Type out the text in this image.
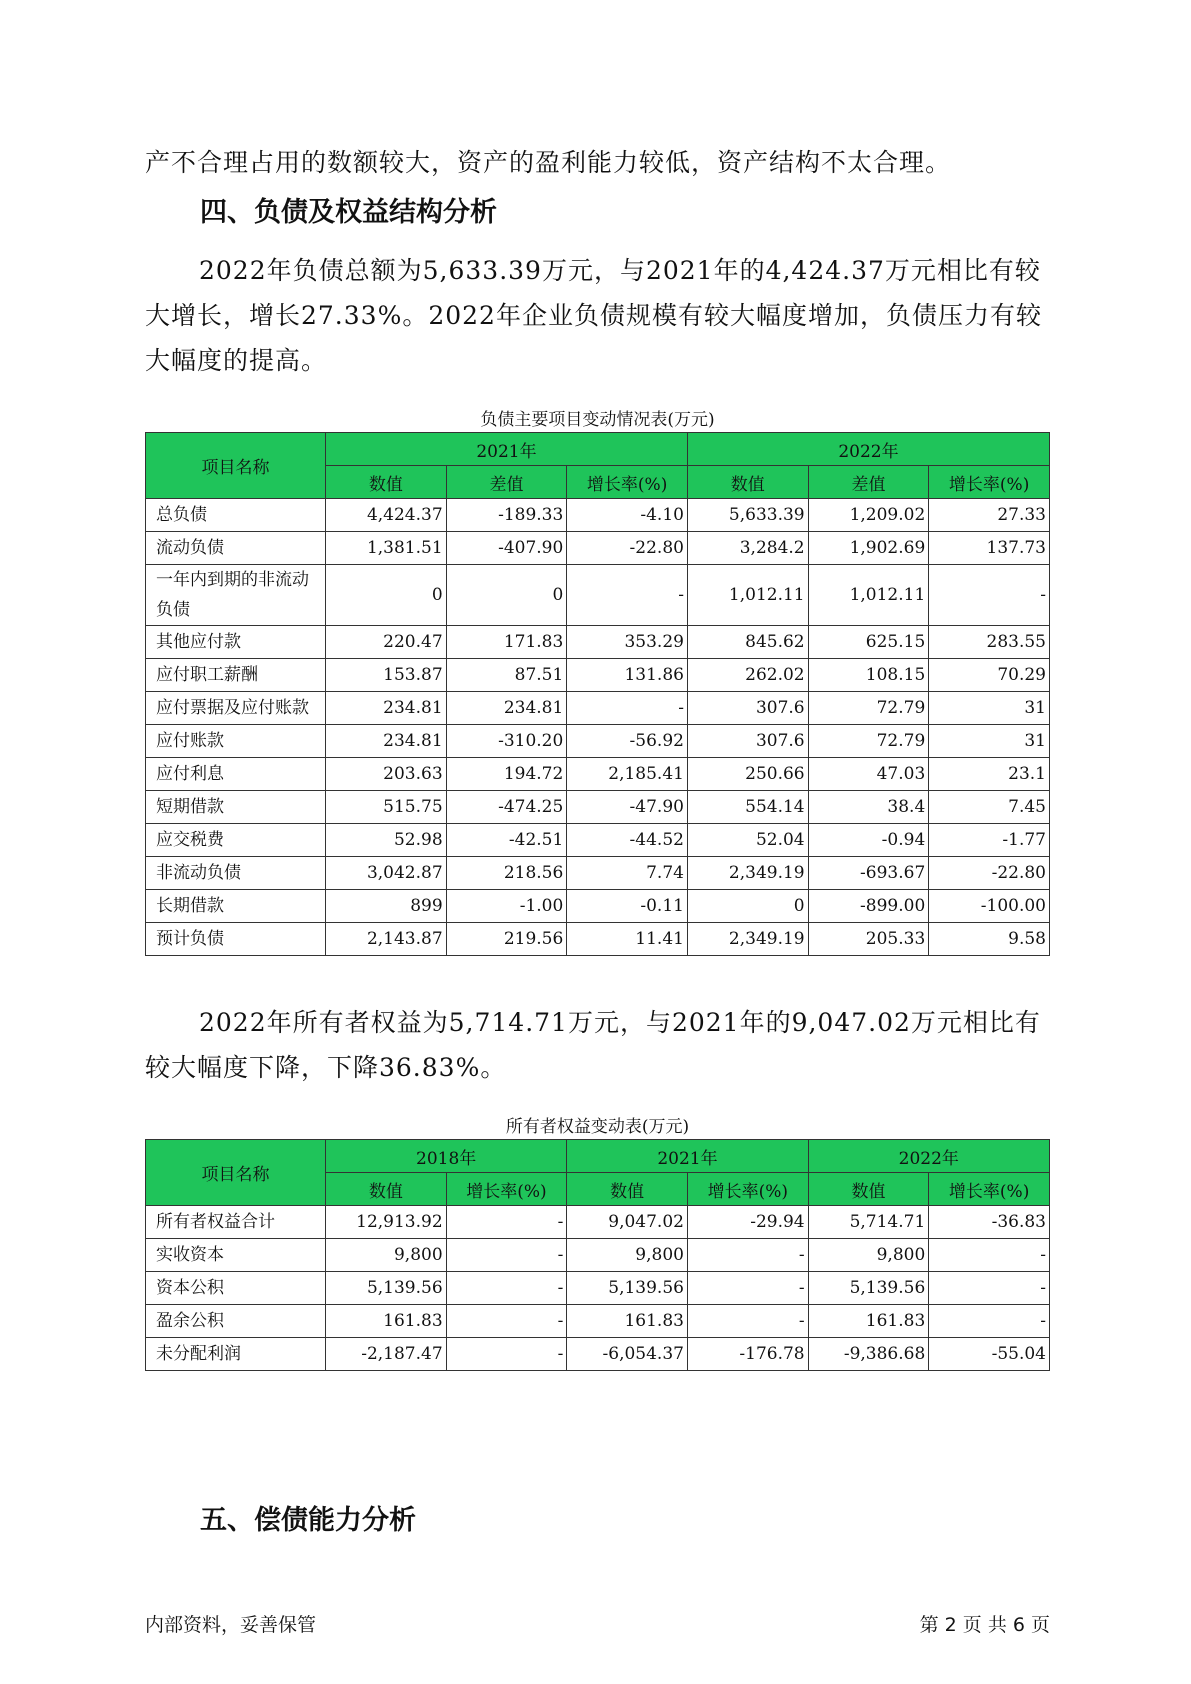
产不合理占用的数额较大，资产的盈利能力较低，资产结构不太合理。

四、负债及权益结构分析

2022年负债总额为5,633.39万元，与2021年的4,424.37万元相比有较大增长，增长27.33%。2022年企业负债规模有较大幅度增加，负债压力有较大幅度的提高。

负债主要项目变动情况表(万元)
项目名称	2021年			2022年		
	数值	差值	增长率(%)	数值	差值	增长率(%)
总负债	4,424.37	-189.33	-4.10	5,633.39	1,209.02	27.33
流动负债	1,381.51	-407.90	-22.80	3,284.2	1,902.69	137.73
一年内到期的非流动负债	0	0	-	1,012.11	1,012.11	-
其他应付款	220.47	171.83	353.29	845.62	625.15	283.55
应付职工薪酬	153.87	87.51	131.86	262.02	108.15	70.29
应付票据及应付账款	234.81	234.81	-	307.6	72.79	31
应付账款	234.81	-310.20	-56.92	307.6	72.79	31
应付利息	203.63	194.72	2,185.41	250.66	47.03	23.1
短期借款	515.75	-474.25	-47.90	554.14	38.4	7.45
应交税费	52.98	-42.51	-44.52	52.04	-0.94	-1.77
非流动负债	3,042.87	218.56	7.74	2,349.19	-693.67	-22.80
长期借款	899	-1.00	-0.11	0	-899.00	-100.00
预计负债	2,143.87	219.56	11.41	2,349.19	205.33	9.58

2022年所有者权益为5,714.71万元，与2021年的9,047.02万元相比有较大幅度下降，下降36.83%。

所有者权益变动表(万元)
项目名称	2018年		2021年		2022年	
	数值	增长率(%)	数值	增长率(%)	数值	增长率(%)
所有者权益合计	12,913.92	-	9,047.02	-29.94	5,714.71	-36.83
实收资本	9,800	-	9,800	-	9,800	-
资本公积	5,139.56	-	5,139.56	-	5,139.56	-
盈余公积	161.83	-	161.83	-	161.83	-
未分配利润	-2,187.47	-	-6,054.37	-176.78	-9,386.68	-55.04
五、偿债能力分析
内部资料，妥善保管	第 2 页 共 6 页
